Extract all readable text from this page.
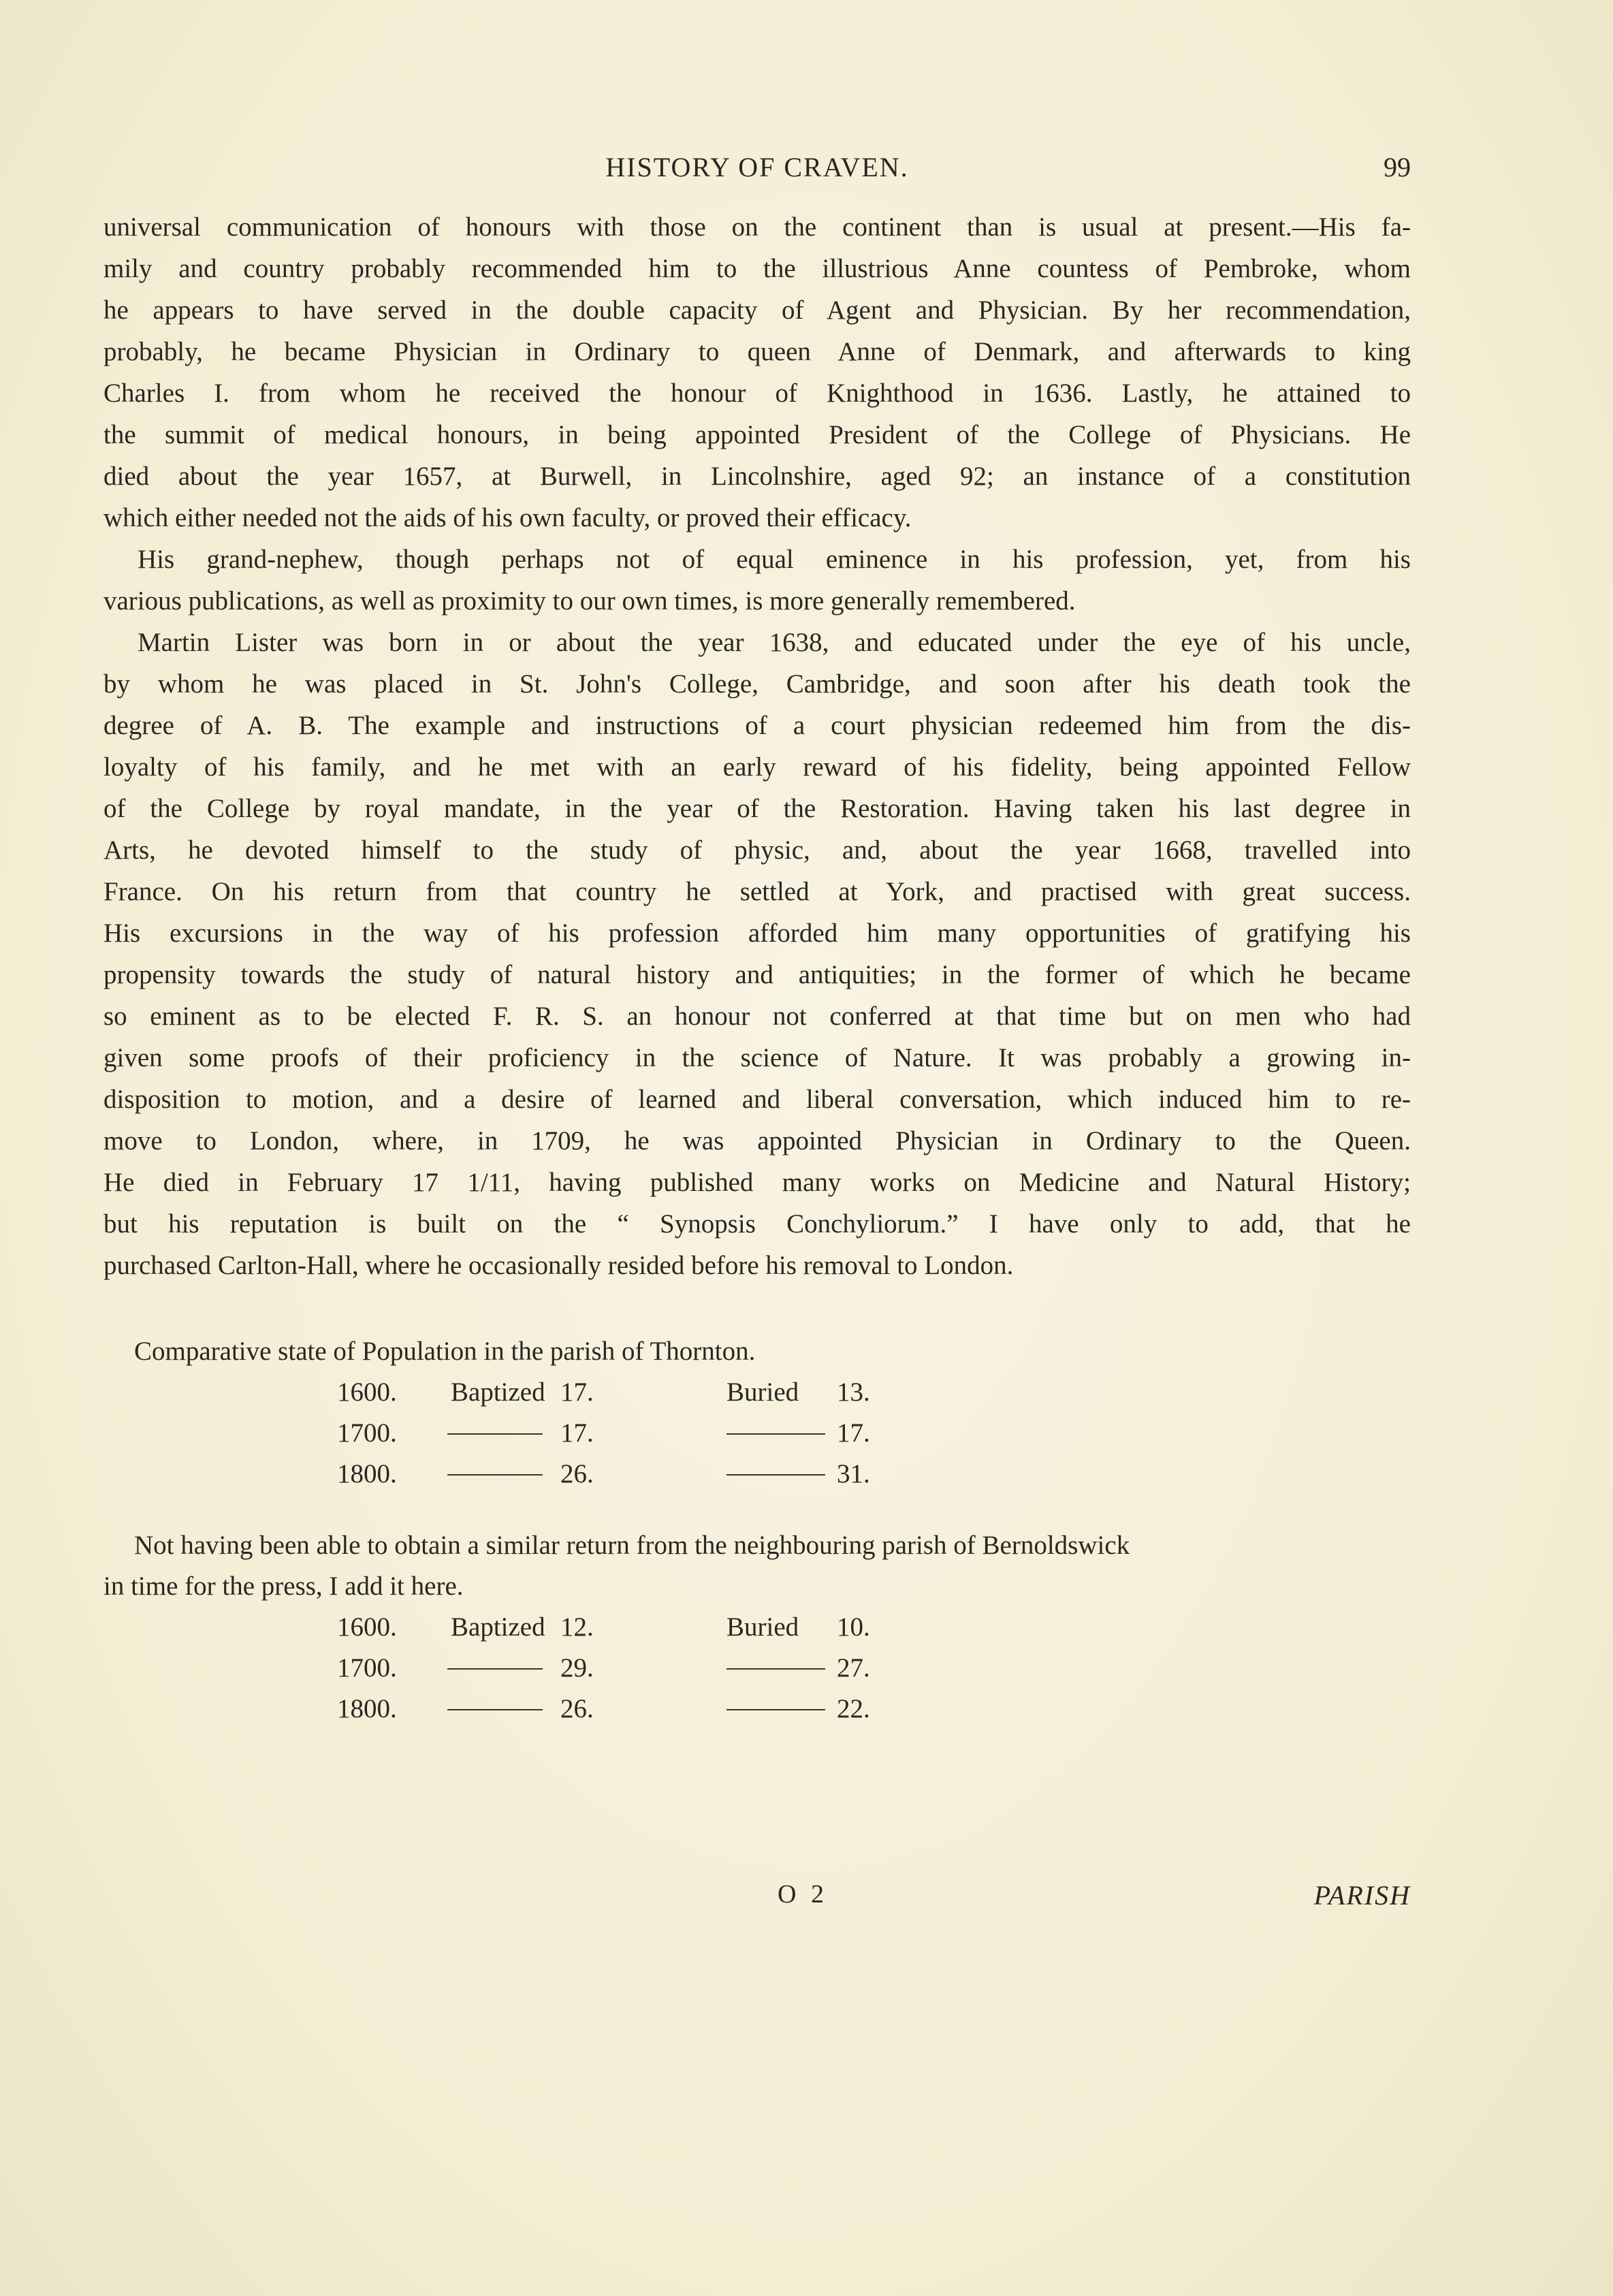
HISTORY OF CRAVEN.	99
universal communication of honours with those on the continent than is usual at present.—His fa-
mily and country probably recommended him to the illustrious Anne countess of Pembroke, whom
he appears to have served in the double capacity of Agent and Physician. By her recommendation,
probably, he became Physician in Ordinary to queen Anne of Denmark, and afterwards to king
Charles I. from whom he received the honour of Knighthood in 1636. Lastly, he attained to
the summit of medical honours, in being appointed President of the College of Physicians. He
died about the year 1657, at Burwell, in Lincolnshire, aged 92; an instance of a constitution
which either needed not the aids of his own faculty, or proved their efficacy.
His grand-nephew, though perhaps not of equal eminence in his profession, yet, from his
various publications, as well as proximity to our own times, is more generally remembered.
Martin Lister was born in or about the year 1638, and educated under the eye of his uncle,
by whom he was placed in St. John's College, Cambridge, and soon after his death took the
degree of A. B. The example and instructions of a court physician redeemed him from the dis-
loyalty of his family, and he met with an early reward of his fidelity, being appointed Fellow
of the College by royal mandate, in the year of the Restoration. Having taken his last degree in
Arts, he devoted himself to the study of physic, and, about the year 1668, travelled into
France. On his return from that country he settled at York, and practised with great success.
His excursions in the way of his profession afforded him many opportunities of gratifying his
propensity towards the study of natural history and antiquities; in the former of which he became
so eminent as to be elected F. R. S. an honour not conferred at that time but on men who had
given some proofs of their proficiency in the science of Nature. It was probably a growing in-
disposition to motion, and a desire of learned and liberal conversation, which induced him to re-
move to London, where, in 1709, he was appointed Physician in Ordinary to the Queen.
He died in February 17 1/11, having published many works on Medicine and Natural History;
but his reputation is built on the “ Synopsis Conchyliorum.” I have only to add, that he
purchased Carlton-Hall, where he occasionally resided before his removal to London.
Comparative state of Population in the parish of Thornton.
1600. Baptized 17.	Buried 13.
1700.	17.	17.
1800.	26.	31.
Not having been able to obtain a similar return from the neighbouring parish of Bernoldswick
in time for the press, I add it here.
1600. Baptized 12.	Buried 10.
1700.	29.	27.
1800.	26.	22.
O 2	PARISH
